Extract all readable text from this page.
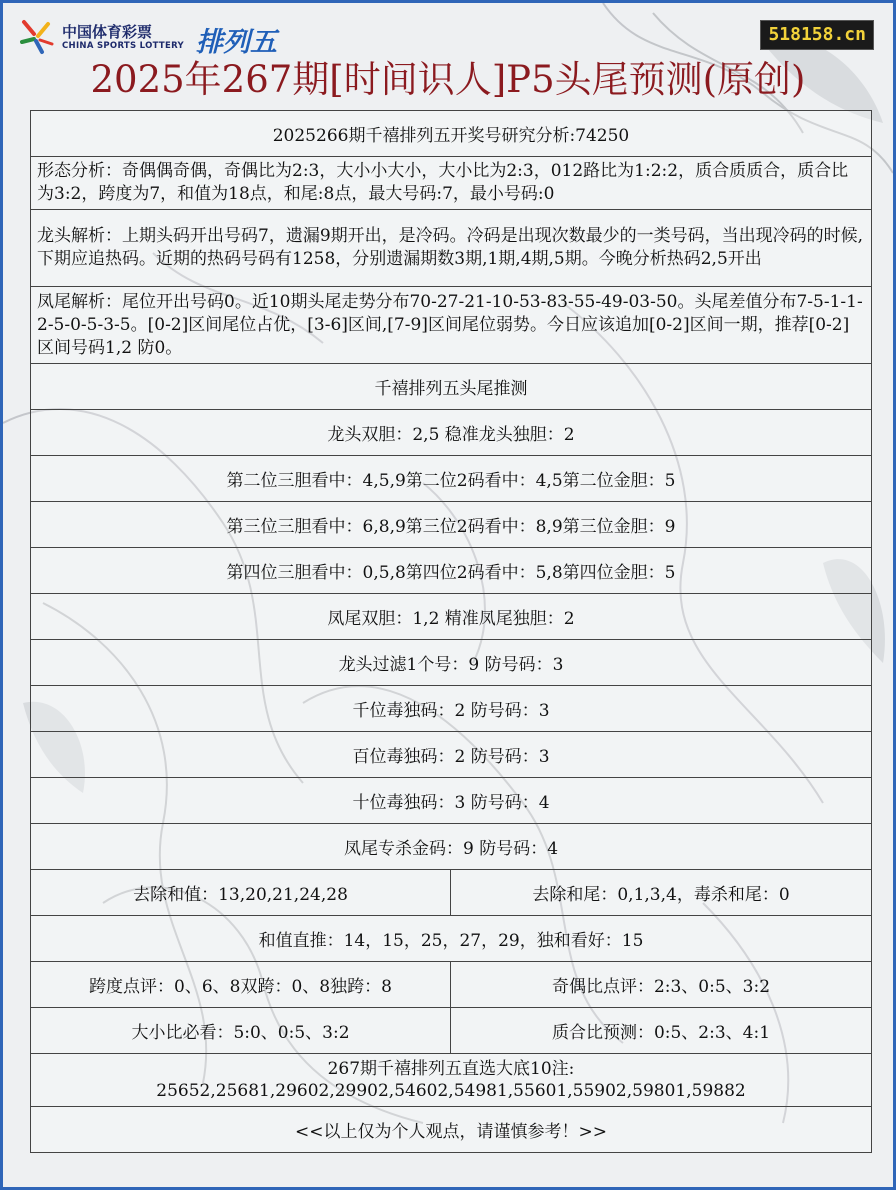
中国体育彩票
CHINA SPORTS LOTTERY 排列五	518158.cn
2025年267期[时间识人]P5头尾预测(原创)
2025266期千禧排列五开奖号研究分析:74250	
形态分析：奇偶偶奇偶，奇偶比为2:3，大小小大小，大小比为2:3，012路比为1:2:2，质合质质合，质合比为3:2，跨度为7，和值为18点，和尾:8点，最大号码:7，最小号码:0	
龙头解析：上期头码开出号码7，遗漏9期开出，是冷码。冷码是出现次数最少的一类号码，当出现冷码的时候,下期应追热码。近期的热码号码有1258，分别遗漏期数3期,1期,4期,5期。今晚分析热码2,5开出	
凤尾解析：尾位开出号码0。近10期头尾走势分布70-27-21-10-53-83-55-49-03-50。头尾差值分布7-5-1-1-2-5-0-5-3-5。[0-2]区间尾位占优，[3-6]区间,[7-9]区间尾位弱势。今日应该追加[0-2]区间一期，推荐[0-2]区间号码1,2 防0。	
千禧排列五头尾推测	
龙头双胆：2,5 稳准龙头独胆：2	
第二位三胆看中：4,5,9第二位2码看中：4,5第二位金胆：5	
第三位三胆看中：6,8,9第三位2码看中：8,9第三位金胆：9	
第四位三胆看中：0,5,8第四位2码看中：5,8第四位金胆：5	
凤尾双胆：1,2 精准凤尾独胆：2	
龙头过滤1个号：9 防号码：3	
千位毒独码：2 防号码：3	
百位毒独码：2 防号码：3	
十位毒独码：3 防号码：4	
凤尾专杀金码：9 防号码：4	
去除和值：13,20,21,24,28	去除和尾：0,1,3,4，毒杀和尾：0
和值直推：14，15，25，27，29，独和看好：15	
跨度点评：0、6、8双跨：0、8独跨：8	奇偶比点评：2:3、0:5、3:2
大小比必看：5:0、0:5、3:2	质合比预测：0:5、2:3、4:1

267期千禧排列五直选大底10注:
25652,25681,29602,29902,54602,54981,55601,55902,59801,59882	

<<以上仅为个人观点，请谨慎参考！>>	
